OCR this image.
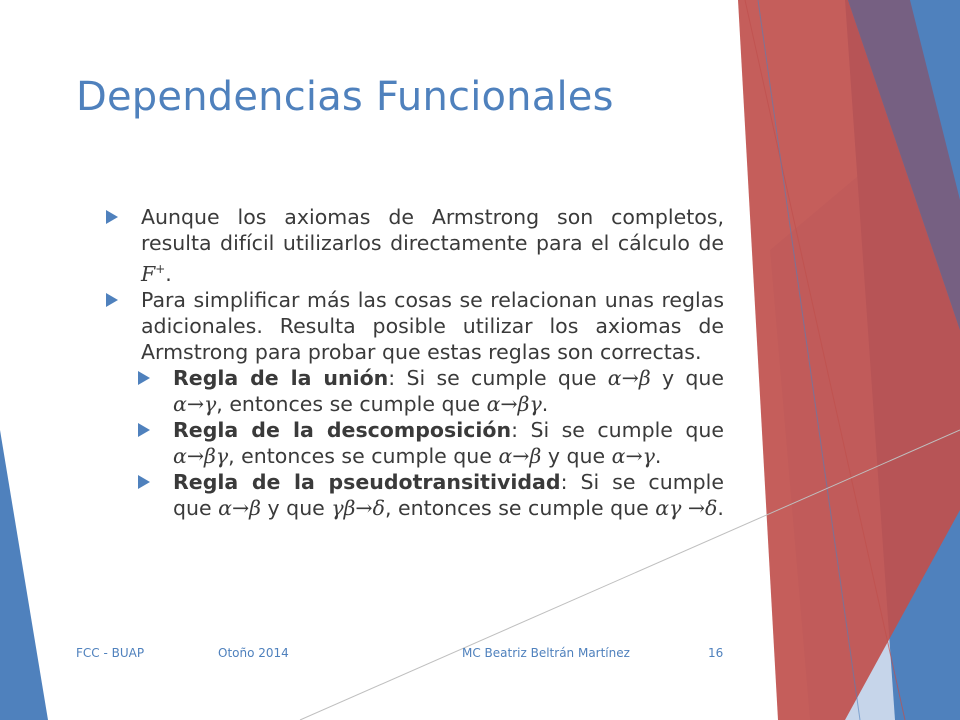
Dependencias Funcionales
Aunque los axiomas de Armstrong son completos, resulta difícil utilizarlos directamente para el cálculo de F+.
Para simplificar más las cosas se relacionan unas reglas adicionales. Resulta posible utilizar los axiomas de Armstrong para probar que estas reglas son correctas.
Regla de la unión: Si se cumple que α→β y que α→γ, entonces se cumple que α→βγ.
Regla de la descomposición: Si se cumple que α→βγ, entonces se cumple que α→β y que α→γ.
Regla de la pseudotransitividad: Si se cumple que α→β y que γβ→δ, entonces se cumple que αγ →δ.
FCC - BUAP	Otoño 2014	MC Beatriz Beltrán Martínez	16
